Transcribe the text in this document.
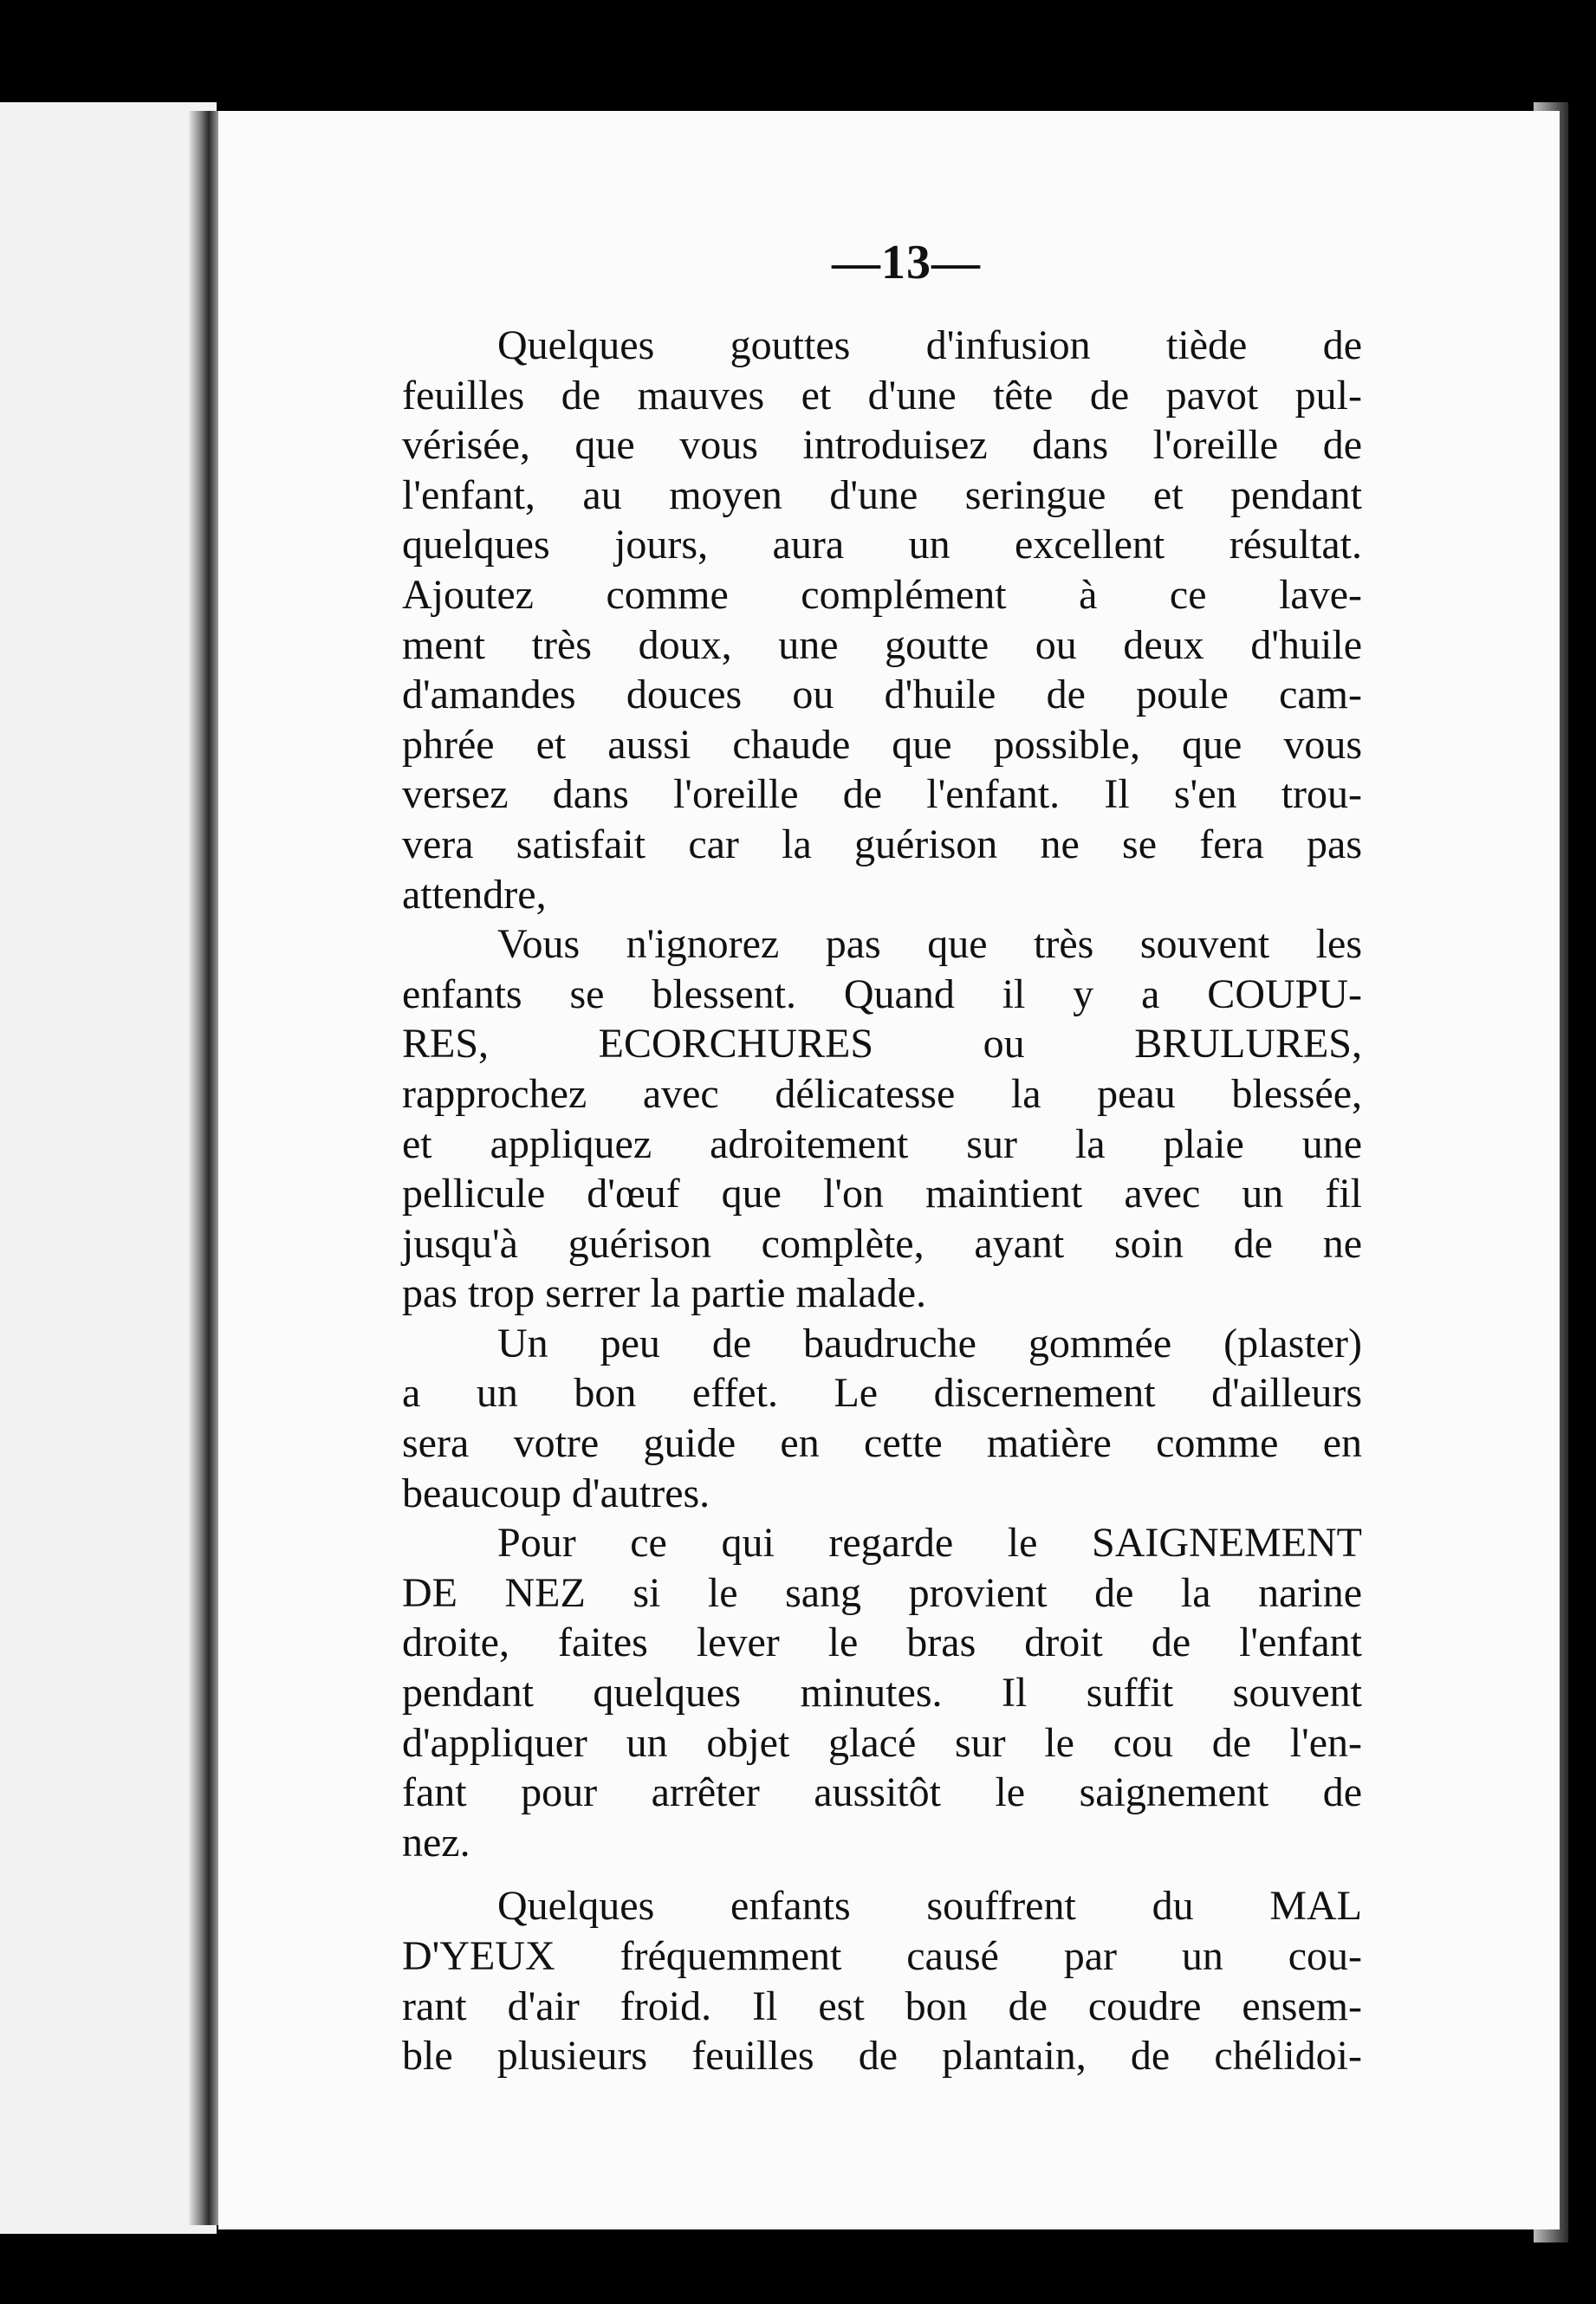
—13—
Quelques gouttes d'infusion tiède de
feuilles de mauves et d'une tête de pavot pul-
vérisée, que vous introduisez dans l'oreille de
l'enfant, au moyen d'une seringue et pendant
quelques jours, aura un excellent résultat.
Ajoutez comme complément à ce lave-
ment très doux, une goutte ou deux d'huile
d'amandes douces ou d'huile de poule cam-
phrée et aussi chaude que possible, que vous
versez dans l'oreille de l'enfant. Il s'en trou-
vera satisfait car la guérison ne se fera pas
attendre,
Vous n'ignorez pas que très souvent les
enfants se blessent. Quand il y a COUPU-
RES, ECORCHURES ou BRULURES,
rapprochez avec délicatesse la peau blessée,
et appliquez adroitement sur la plaie une
pellicule d'œuf que l'on maintient avec un fil
jusqu'à guérison complète, ayant soin de ne
pas trop serrer la partie malade.
Un peu de baudruche gommée (plaster)
a un bon effet. Le discernement d'ailleurs
sera votre guide en cette matière comme en
beaucoup d'autres.
Pour ce qui regarde le SAIGNEMENT
DE NEZ si le sang provient de la narine
droite, faites lever le bras droit de l'enfant
pendant quelques minutes. Il suffit souvent
d'appliquer un objet glacé sur le cou de l'en-
fant pour arrêter aussitôt le saignement de
nez.
Quelques enfants souffrent du MAL
D'YEUX fréquemment causé par un cou-
rant d'air froid. Il est bon de coudre ensem-
ble plusieurs feuilles de plantain, de chélidoi-
